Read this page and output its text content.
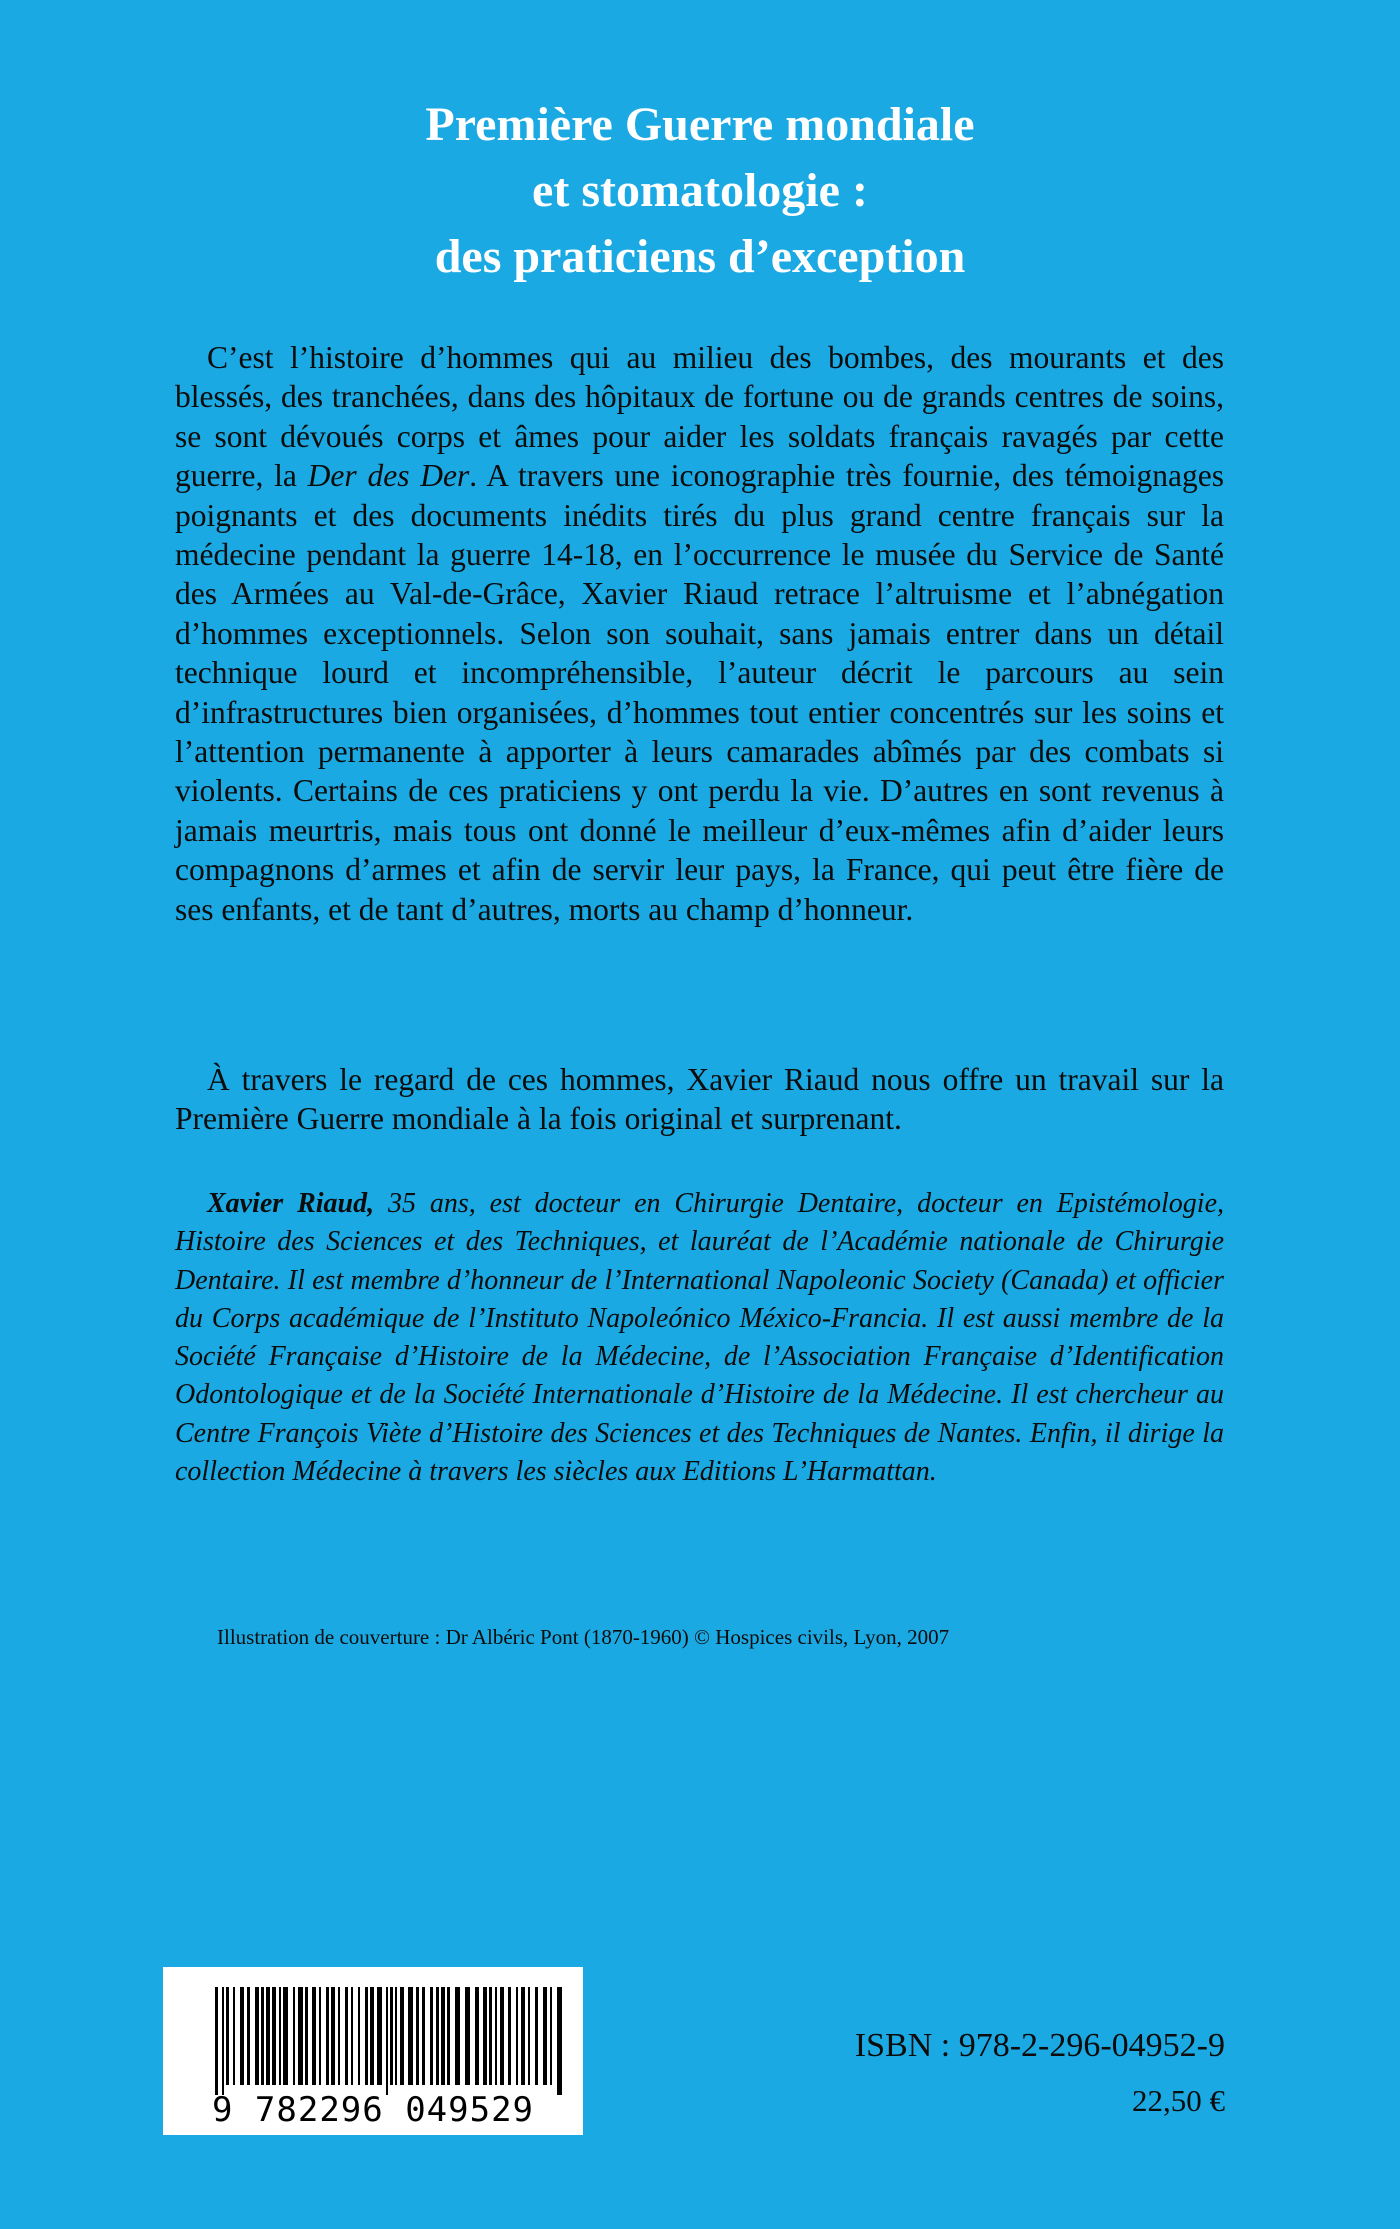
Première Guerre mondiale
et stomatologie :
des praticiens d’exception

C’est l’histoire d’hommes qui au milieu des bombes, des mourants et des blessés, des tranchées, dans des hôpitaux de fortune ou de grands centres de soins, se sont dévoués corps et âmes pour aider les soldats français ravagés par cette guerre, la Der des Der. A travers une iconographie très fournie, des témoignages poignants et des documents inédits tirés du plus grand centre français sur la médecine pendant la guerre 14-18, en l’occurrence le musée du Service de Santé des Armées au Val-de-Grâce, Xavier Riaud retrace l’altruisme et l’abnégation d’hommes exceptionnels. Selon son souhait, sans jamais entrer dans un détail technique lourd et incompréhensible, l’auteur décrit le parcours au sein d’infrastructures bien organisées, d’hommes tout entier concentrés sur les soins et l’attention permanente à apporter à leurs camarades abîmés par des combats si violents. Certains de ces praticiens y ont perdu la vie. D’autres en sont revenus à jamais meurtris, mais tous ont donné le meilleur d’eux-mêmes afin d’aider leurs compagnons d’armes et afin de servir leur pays, la France, qui peut être fière de ses enfants, et de tant d’autres, morts au champ d’honneur.

À travers le regard de ces hommes, Xavier Riaud nous offre un travail sur la Première Guerre mondiale à la fois original et surprenant.

Xavier Riaud, 35 ans, est docteur en Chirurgie Dentaire, docteur en Epistémologie, Histoire des Sciences et des Techniques, et lauréat de l’Académie nationale de Chirurgie Dentaire. Il est membre d’honneur de l’International Napoleonic Society (Canada) et officier du Corps académique de l’Instituto Napoleónico México-Francia. Il est aussi membre de la Société Française d’Histoire de la Médecine, de l’Association Française d’Identification Odontologique et de la Société Internationale d’Histoire de la Médecine. Il est chercheur au Centre François Viète d’Histoire des Sciences et des Techniques de Nantes. Enfin, il dirige la collection Médecine à travers les siècles aux Editions L’Harmattan.

Illustration de couverture : Dr Albéric Pont (1870-1960) © Hospices civils, Lyon, 2007

9 782296 049529

ISBN : 978-2-296-04952-9

22,50 €
